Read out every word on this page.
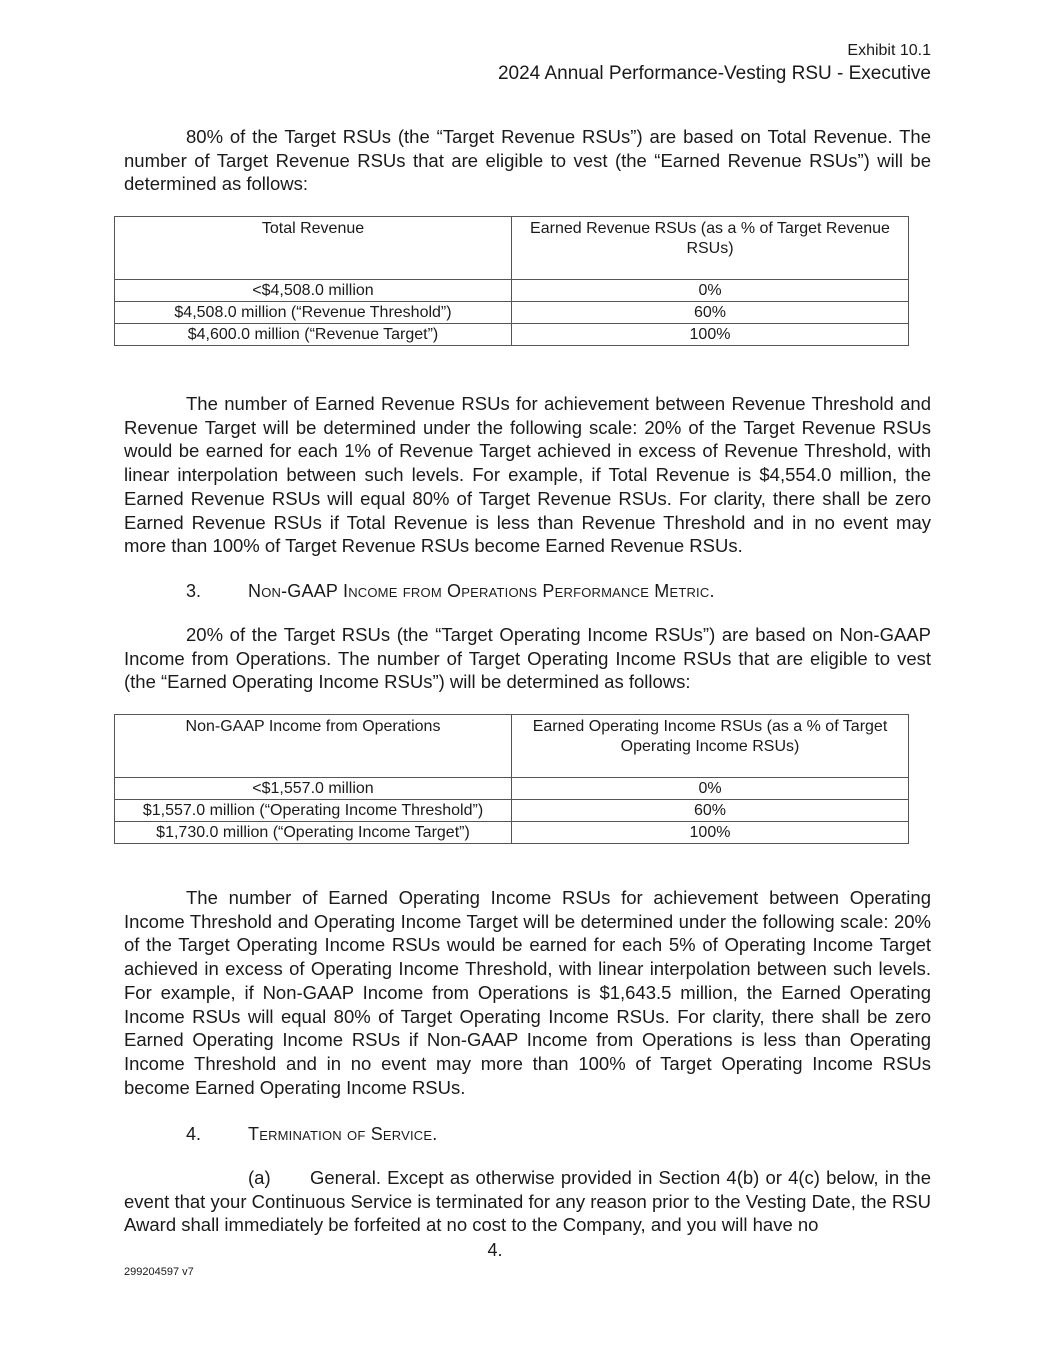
Exhibit 10.1
2024 Annual Performance-Vesting RSU - Executive

80% of the Target RSUs (the “Target Revenue RSUs”) are based on Total Revenue. The number of Target Revenue RSUs that are eligible to vest (the “Earned Revenue RSUs”) will be determined as follows:

Total Revenue	Earned Revenue RSUs (as a % of Target Revenue RSUs)
<$4,508.0 million	0%
$4,508.0 million (“Revenue Threshold”)	60%
$4,600.0 million (“Revenue Target”)	100%

The number of Earned Revenue RSUs for achievement between Revenue Threshold and Revenue Target will be determined under the following scale: 20% of the Target Revenue RSUs would be earned for each 1% of Revenue Target achieved in excess of Revenue Threshold, with linear interpolation between such levels. For example, if Total Revenue is $4,554.0 million, the Earned Revenue RSUs will equal 80% of Target Revenue RSUs. For clarity, there shall be zero Earned Revenue RSUs if Total Revenue is less than Revenue Threshold and in no event may more than 100% of Target Revenue RSUs become Earned Revenue RSUs.

3.	Non-GAAP Income from Operations Performance Metric.

20% of the Target RSUs (the “Target Operating Income RSUs”) are based on Non-GAAP Income from Operations. The number of Target Operating Income RSUs that are eligible to vest (the “Earned Operating Income RSUs”) will be determined as follows:

Non-GAAP Income from Operations	Earned Operating Income RSUs (as a % of Target Operating Income RSUs)
<$1,557.0 million	0%
$1,557.0 million (“Operating Income Threshold”)	60%
$1,730.0 million (“Operating Income Target”)	100%

The number of Earned Operating Income RSUs for achievement between Operating Income Threshold and Operating Income Target will be determined under the following scale: 20% of the Target Operating Income RSUs would be earned for each 5% of Operating Income Target achieved in excess of Operating Income Threshold, with linear interpolation between such levels. For example, if Non-GAAP Income from Operations is $1,643.5 million, the Earned Operating Income RSUs will equal 80% of Target Operating Income RSUs. For clarity, there shall be zero Earned Operating Income RSUs if Non-GAAP Income from Operations is less than Operating Income Threshold and in no event may more than 100% of Target Operating Income RSUs become Earned Operating Income RSUs.

4.	Termination of Service.

(a) General. Except as otherwise provided in Section 4(b) or 4(c) below, in the event that your Continuous Service is terminated for any reason prior to the Vesting Date, the RSU Award shall immediately be forfeited at no cost to the Company, and you will have no

4.
299204597 v7
